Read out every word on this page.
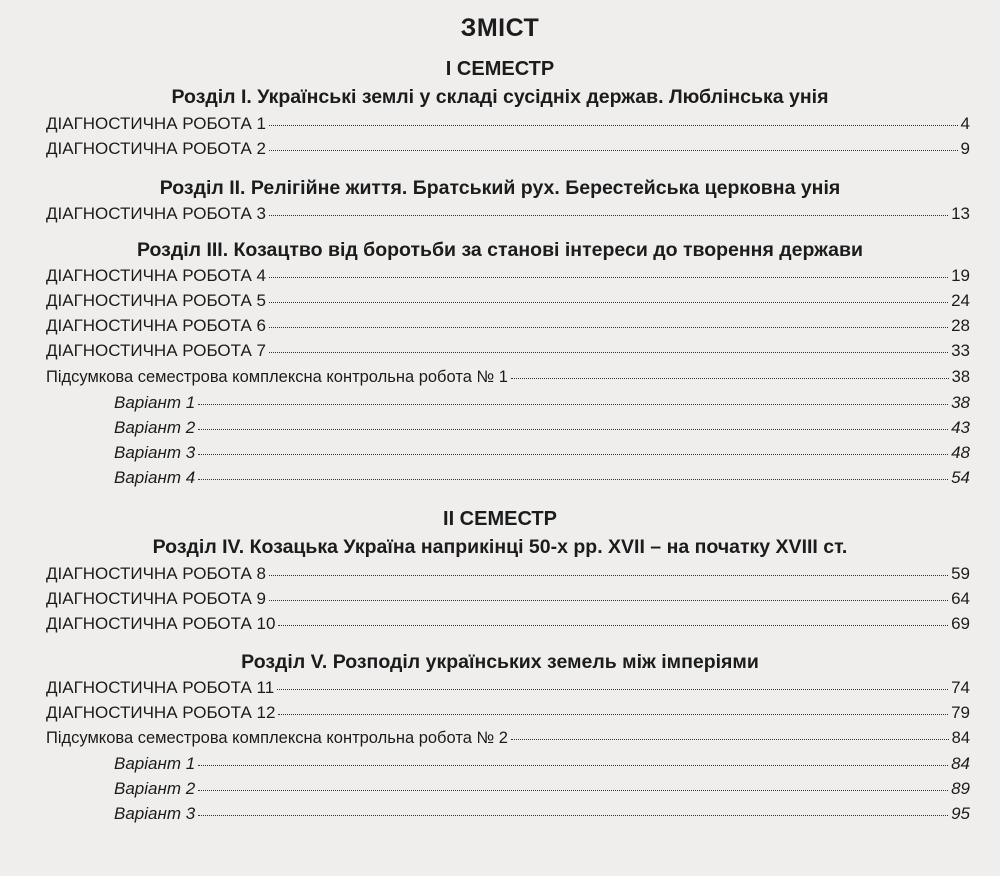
ЗМІСТ
І СЕМЕСТР
Розділ І. Українські землі у складі сусідніх держав. Люблінська унія
ДІАГНОСТИЧНА РОБОТА 1	4
ДІАГНОСТИЧНА РОБОТА 2	9
Розділ ІІ. Релігійне життя. Братський рух. Берестейська церковна унія
ДІАГНОСТИЧНА РОБОТА 3	13
Розділ ІІІ. Козацтво від боротьби за станові інтереси до творення держави
ДІАГНОСТИЧНА РОБОТА 4	19
ДІАГНОСТИЧНА РОБОТА 5	24
ДІАГНОСТИЧНА РОБОТА 6	28
ДІАГНОСТИЧНА РОБОТА 7	33
Підсумкова семестрова комплексна контрольна робота № 1	38
Варіант 1	38
Варіант 2	43
Варіант 3	48
Варіант 4	54
ІІ СЕМЕСТР
Розділ IV. Козацька Україна наприкінці 50-х рр. XVII – на початку XVIII ст.
ДІАГНОСТИЧНА РОБОТА 8	59
ДІАГНОСТИЧНА РОБОТА 9	64
ДІАГНОСТИЧНА РОБОТА 10	69
Розділ V. Розподіл українських земель між імперіями
ДІАГНОСТИЧНА РОБОТА 11	74
ДІАГНОСТИЧНА РОБОТА 12	79
Підсумкова семестрова комплексна контрольна робота № 2	84
Варіант 1	84
Варіант 2	89
Варіант 3	95
